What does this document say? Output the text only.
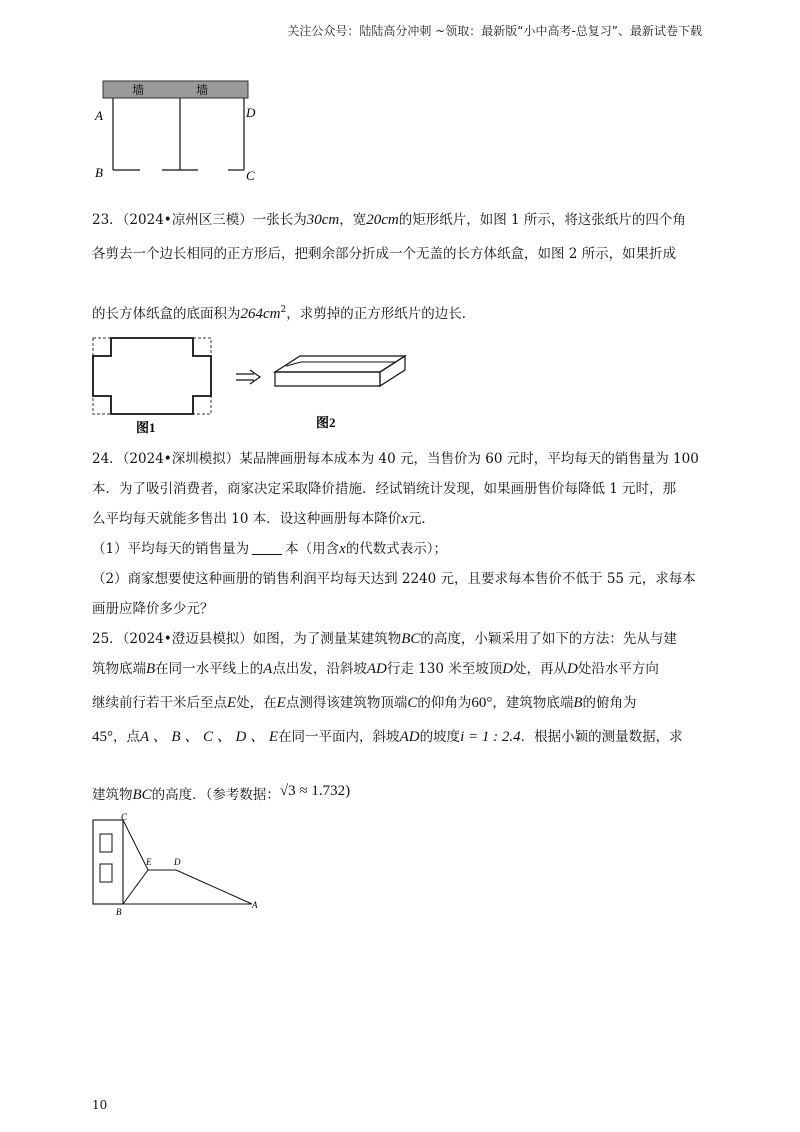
关注公众号：陆陆高分冲刺 ~领取：最新版“小中高考-总复习”、最新试卷下载
墙	墙
A
B
D
C
23．（2024•凉州区三模）一张长为30cm，宽20cm的矩形纸片，如图 1 所示，将这张纸片的四个角
各剪去一个边长相同的正方形后，把剩余部分折成一个无盖的长方体纸盒，如图 2 所示，如果折成
的长方体纸盒的底面积为$264cm^2$，求剪掉的正方形纸片的边长．
图1	图2
24．（2024•深圳模拟）某品牌画册每本成本为 40 元，当售价为 60 元时，平均每天的销售量为 100
本．为了吸引消费者，商家决定采取降价措施．经试销统计发现，如果画册售价每降低 1 元时，那
么平均每天就能多售出 10 本．设这种画册每本降价x元．
（1）平均每天的销售量为	本（用含x的代数式表示）；
（2）商家想要使这种画册的销售利润平均每天达到 2240 元，且要求每本售价不低于 55 元，求每本
画册应降价多少元？
25．（2024•澄迈县模拟）如图，为了测量某建筑物BC的高度，小颖采用了如下的方法：先从与建
筑物底端B在同一水平线上的A点出发，沿斜坡AD行走 130 米至坡顶D处，再从D处沿水平方向
继续前行若干米后至点E处，在E点测得该建筑物顶端C的仰角为60°，建筑物底端B的俯角为
45°，点A 、 B 、 C 、 D 、 E在同一平面内，斜坡AD的坡度i = 1 : 2.4．根据小颖的测量数据，求
建筑物BC的高度．（参考数据：√3 ≈ 1.732)
C
E	D
B
A
10
